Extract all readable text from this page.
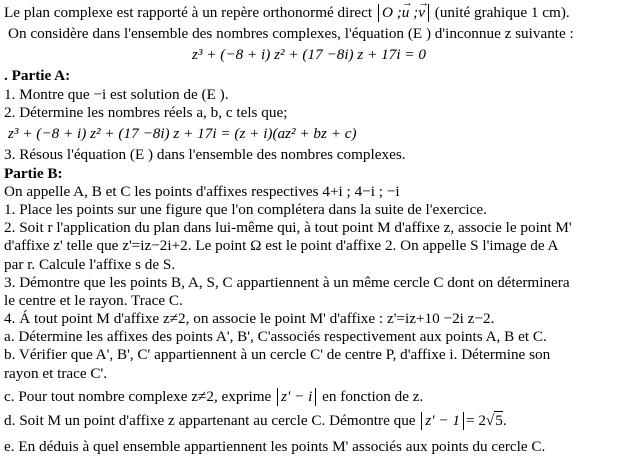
Le plan complexe est rapporté à un repère orthonormé direct O ;→ u ;→ v (unité grahique 1 cm).
On considère dans l'ensemble des nombres complexes, l'équation (E ) d'inconnue z suivante :
z³ + (−8 + i) z² + (17 −8i) z + 17i = 0
. Partie A:
1. Montre que −i est solution de (E ).
2. Détermine les nombres réels a, b, c tels que;
z³ + (−8 + i) z² + (17 −8i) z + 17i = (z + i)(az² + bz + c)
3. Résous l'équation (E ) dans l'ensemble des nombres complexes.
Partie B:
On appelle A, B et C les points d'affixes respectives 4+i ; 4−i ; −i
1. Place les points sur une figure que l'on complétera dans la suite de l'exercice.
2. Soit r l'application du plan dans lui-même qui, à tout point M d'affixe z, associe le point M'
d'affixe z' telle que z'=iz−2i+2. Le point Ω est le point d'affixe 2. On appelle S l'image de A
par r. Calcule l'affixe s de S.
3. Démontre que les points B, A, S, C appartiennent à un même cercle C dont on déterminera
le centre et le rayon. Trace C.
4. Á tout point M d'affixe z≠2, on associe le point M' d'affixe : z'=iz+10 −2i z−2.
a. Détermine les affixes des points A', B', C'associés respectivement aux points A, B et C.
b. Vérifier que A', B', C' appartiennent à un cercle C' de centre P, d'affixe i. Détermine son
rayon et trace C'.
c. Pour tout nombre complexe z≠2, exprime z' − i en fonction de z.
d. Soit M un point d'affixe z appartenant au cercle C. Démontre que z' − 1 = 2√5.
e. En déduis à quel ensemble appartiennent les points M' associés aux points du cercle C.
